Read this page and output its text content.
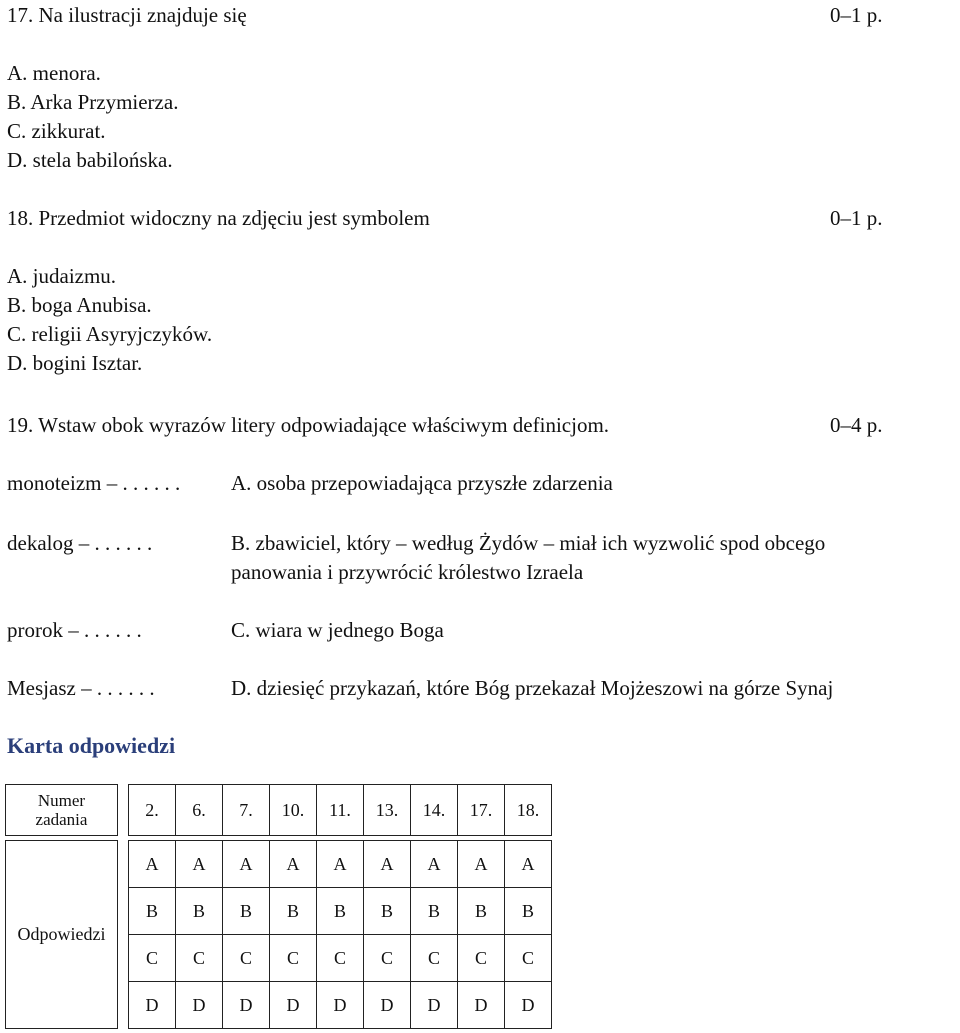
17. Na ilustracji znajduje się	0–1 p.
A. menora.
B. Arka Przymierza.
C. zikkurat.
D. stela babilońska.
18. Przedmiot widoczny na zdjęciu jest symbolem	0–1 p.
A. judaizmu.
B. boga Anubisa.
C. religii Asyryjczyków.
D. bogini Isztar.
19. Wstaw obok wyrazów litery odpowiadające właściwym definicjom.	0–4 p.
monoteizm – . . . . . . A. osoba przepowiadająca przyszłe zdarzenia
dekalog – . . . . . .	B. zbawiciel, który – według Żydów – miał ich wyzwolić spod obcego
panowania i przywrócić królestwo Izraela
prorok – . . . . . .	C. wiara w jednego Boga
Mesjasz – . . . . . .	D. dziesięć przykazań, które Bóg przekazał Mojżeszowi na górze Synaj
Karta odpowiedzi
Numer
zadania		2.	6.	7.	10.	11.	13.	14.	17.	18.

Odpowiedzi		A	A	A	A	A	A	A	A	A
		B	B	B	B	B	B	B	B	B
		C	C	C	C	C	C	C	C	C
		D	D	D	D	D	D	D	D	D
